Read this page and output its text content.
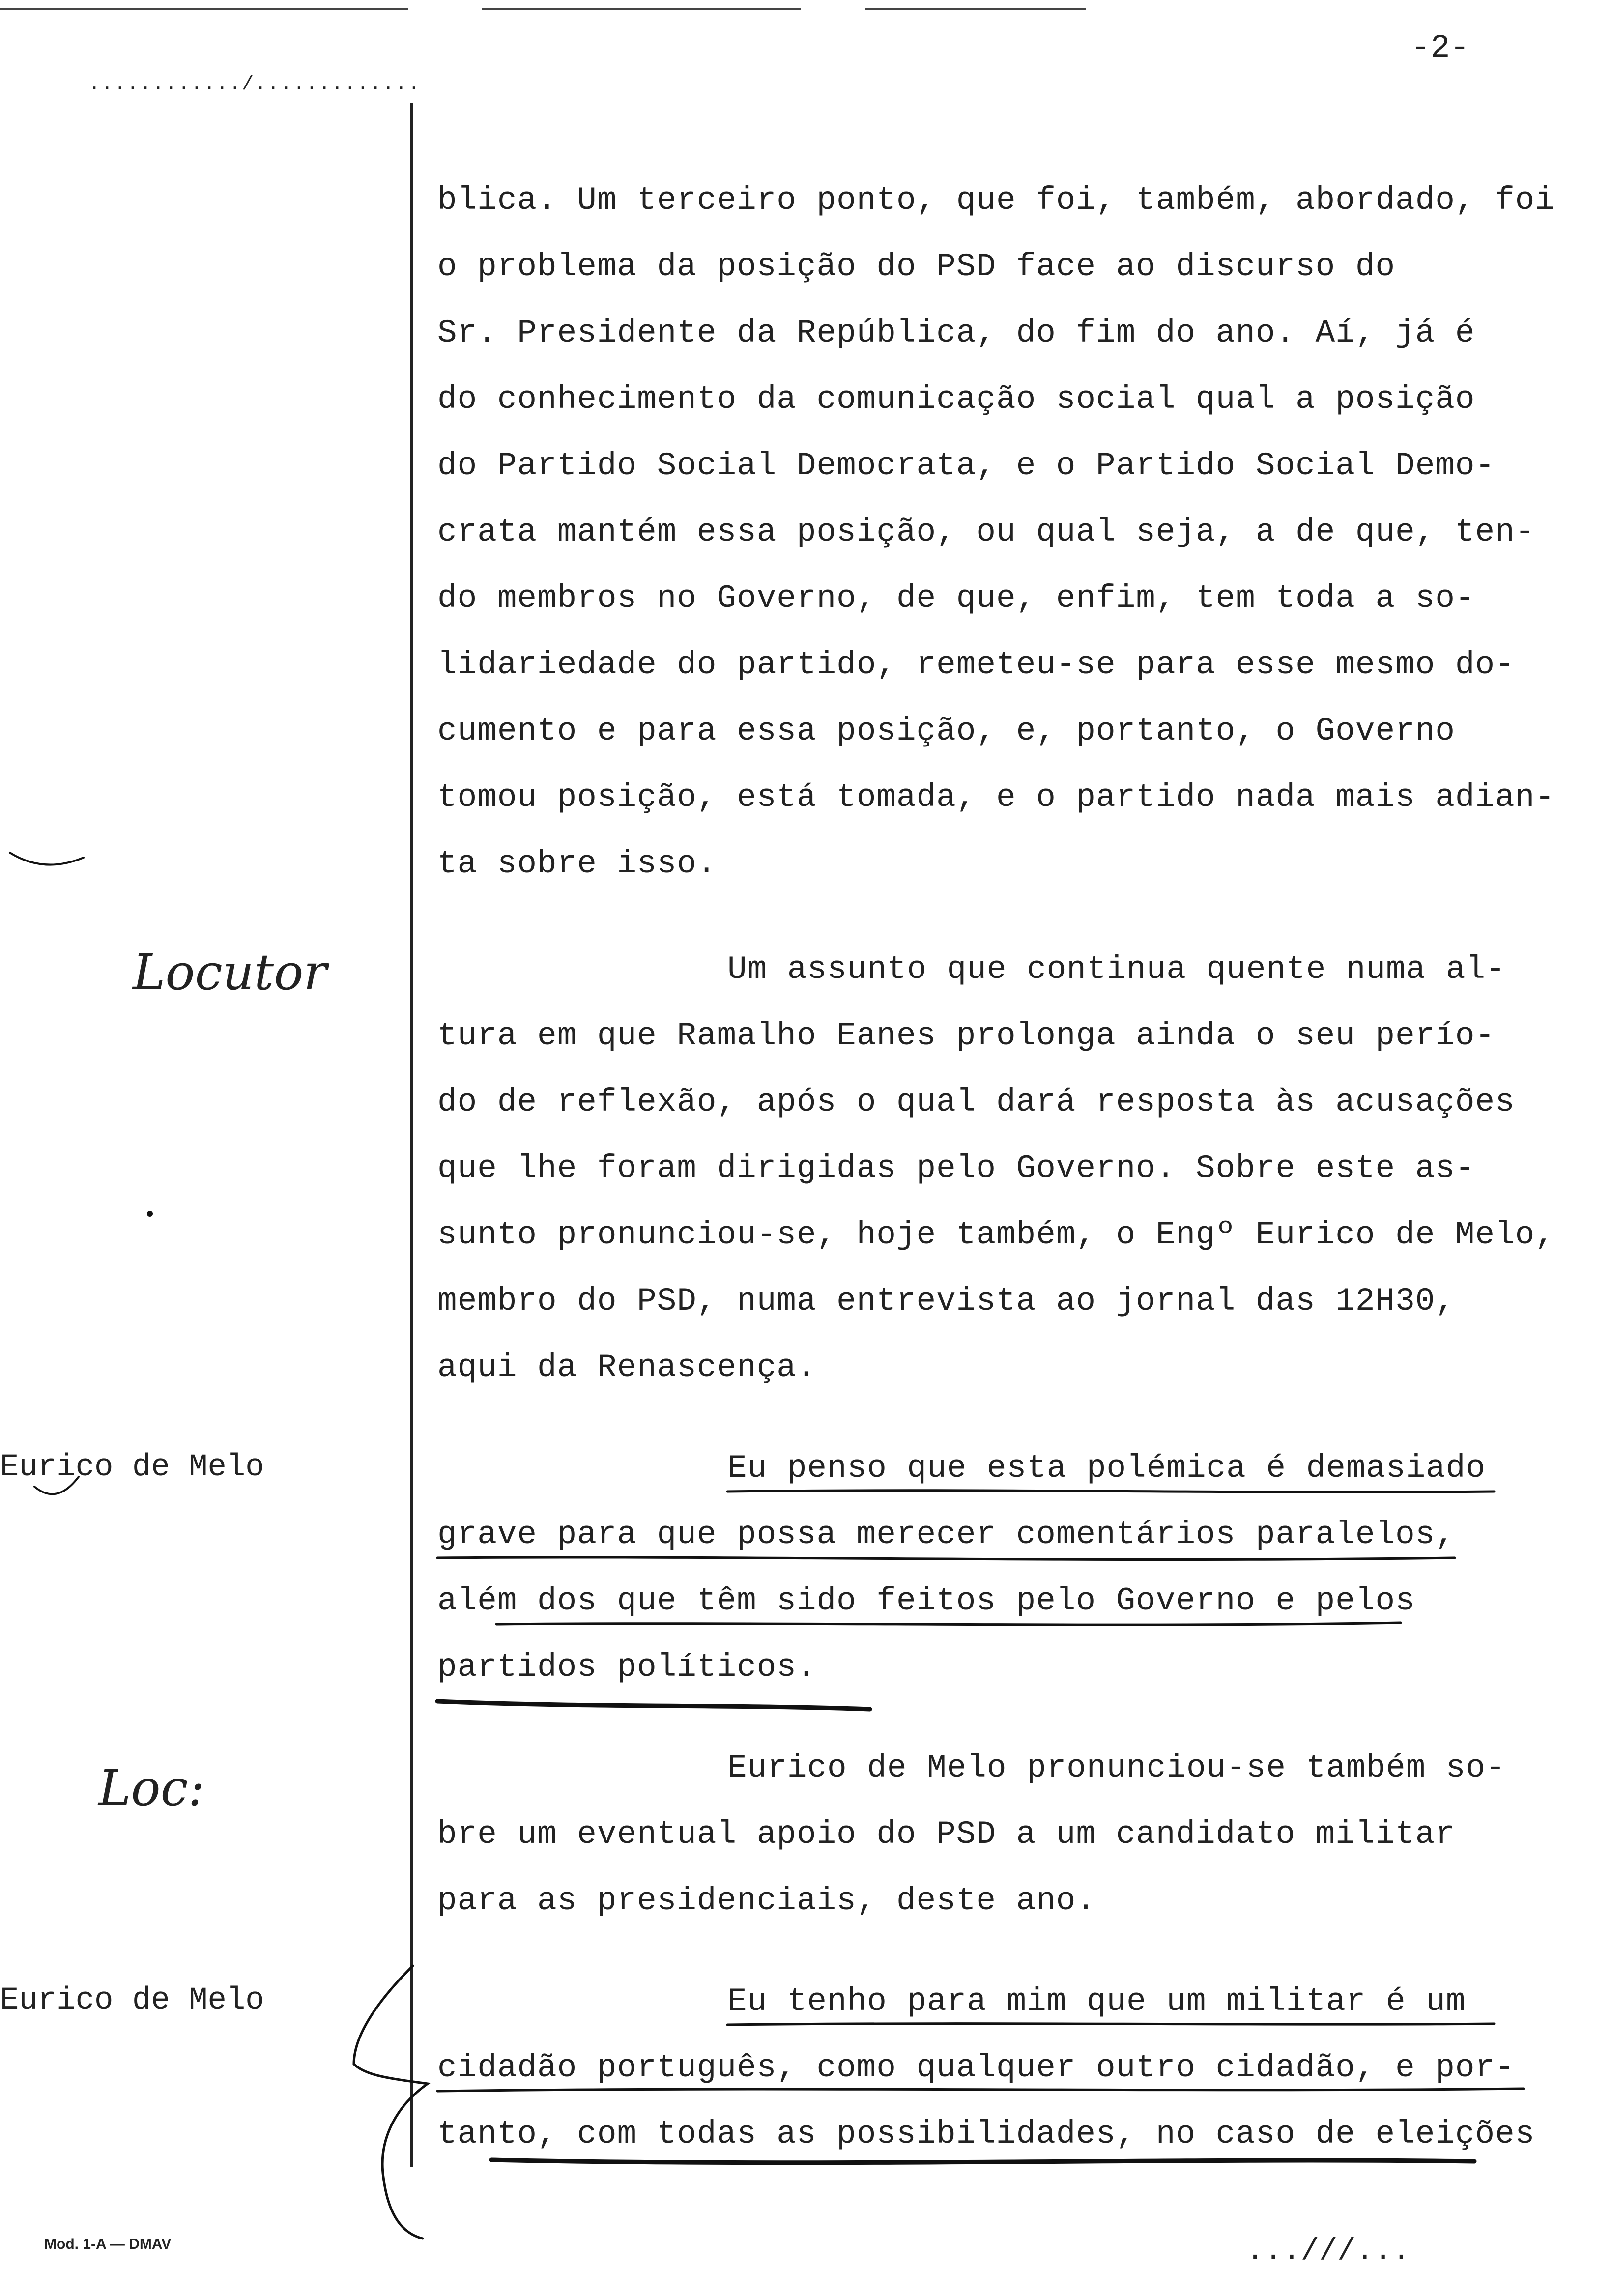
-2-
............/.............
blica. Um terceiro ponto, que foi, também, abordado, foi
o problema da posição do PSD face ao discurso do
Sr. Presidente da República, do fim do ano. Aí, já é
do conhecimento da comunicação social qual a posição
do Partido Social Democrata, e o Partido Social Demo-
crata mantém essa posição, ou qual seja, a de que, ten-
do membros no Governo, de que, enfim, tem toda a so-
lidariedade do partido, remeteu-se para esse mesmo do-
cumento e para essa posição, e, portanto, o Governo
tomou posição, está tomada, e o partido nada mais adian-
ta sobre isso.
Locutor	Um assunto que continua quente numa al-
tura em que Ramalho Eanes prolonga ainda o seu perío-
do de reflexão, após o qual dará resposta às acusações
que lhe foram dirigidas pelo Governo. Sobre este as-
sunto pronunciou-se, hoje também, o Engº Eurico de Melo,
membro do PSD, numa entrevista ao jornal das 12H30,
aqui da Renascença.
Eurico de Melo	Eu penso que esta polémica é demasiado
grave para que possa merecer comentários paralelos,
além dos que têm sido feitos pelo Governo e pelos
partidos políticos.
Loc:	Eurico de Melo pronunciou-se também so-
bre um eventual apoio do PSD a um candidato militar
para as presidenciais, deste ano.
Eurico de Melo	Eu tenho para mim que um militar é um
cidadão português, como qualquer outro cidadão, e por-
tanto, com todas as possibilidades, no caso de eleições
Mod. 1-A — DMAV	...///...
